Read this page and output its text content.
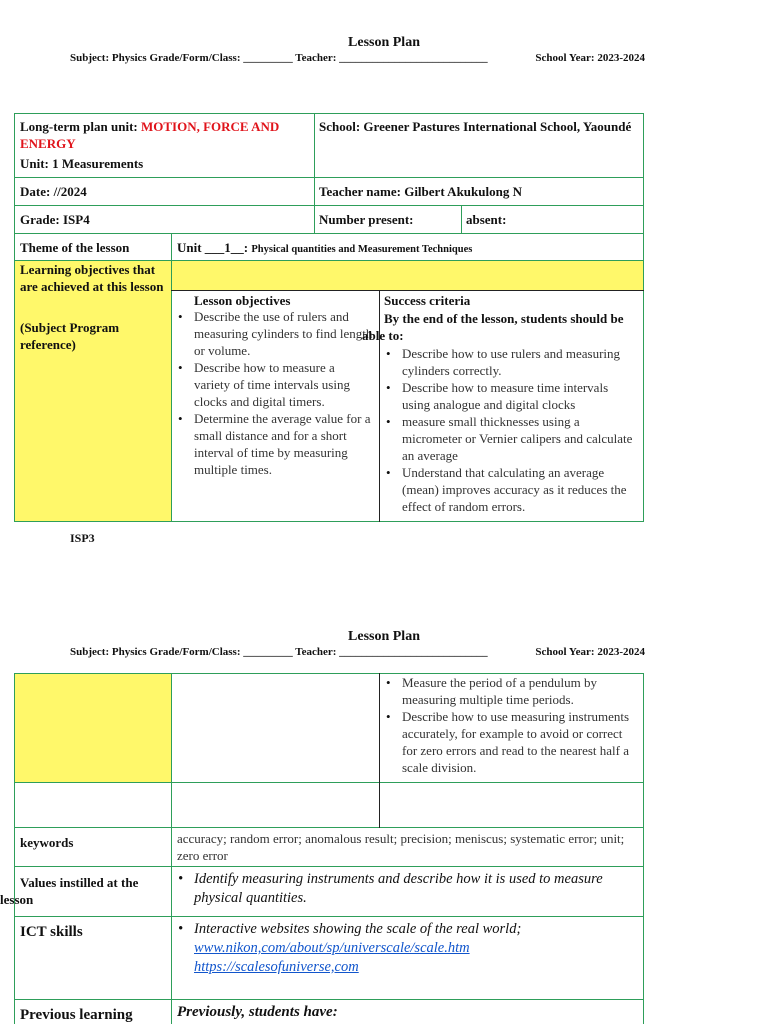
Lesson Plan
Subject: Physics Grade/Form/Class: _________ Teacher: ___________________________	School Year: 2023-2024
Long-term plan unit: MOTION, FORCE AND ENERGY
Unit: 1 Measurements
School: Greener Pastures International School, Yaoundé
Date: //2024	Teacher name: Gilbert Akukulong N
Grade: ISP4	Number present:	absent:
Theme of the lesson	Unit ___1__: Physical quantities and Measurement Techniques
Learning objectives that are achieved at this lesson
(Subject Program reference)
Lesson objectives
• Describe the use of rulers and measuring cylinders to find length or volume.
• Describe how to measure a variety of time intervals using clocks and digital timers.
• Determine the average value for a small distance and for a short interval of time by measuring multiple times.
Success criteria
By the end of the lesson, students should be
able to:
• Describe how to use rulers and measuring cylinders correctly.
• Describe how to measure time intervals using analogue and digital clocks
• measure small thicknesses using a micrometer or Vernier calipers and calculate an average
• Understand that calculating an average (mean) improves accuracy as it reduces the effect of random errors.
ISP3
Lesson Plan
Subject: Physics Grade/Form/Class: _________ Teacher: ___________________________	School Year: 2023-2024
• Measure the period of a pendulum by measuring multiple time periods.
• Describe how to use measuring instruments accurately, for example to avoid or correct for zero errors and read to the nearest half a scale division.
keywords	accuracy; random error; anomalous result; precision; meniscus; systematic error; unit; zero error
Values instilled at the
lesson
• Identify measuring instruments and describe how it is used to measure physical quantities.
ICT skills
•	Interactive websites showing the scale of the real world;
www.nikon,com/about/sp/universcale/scale.htm
https://scalesofuniverse,com
Previous learning	Previously, students have:
